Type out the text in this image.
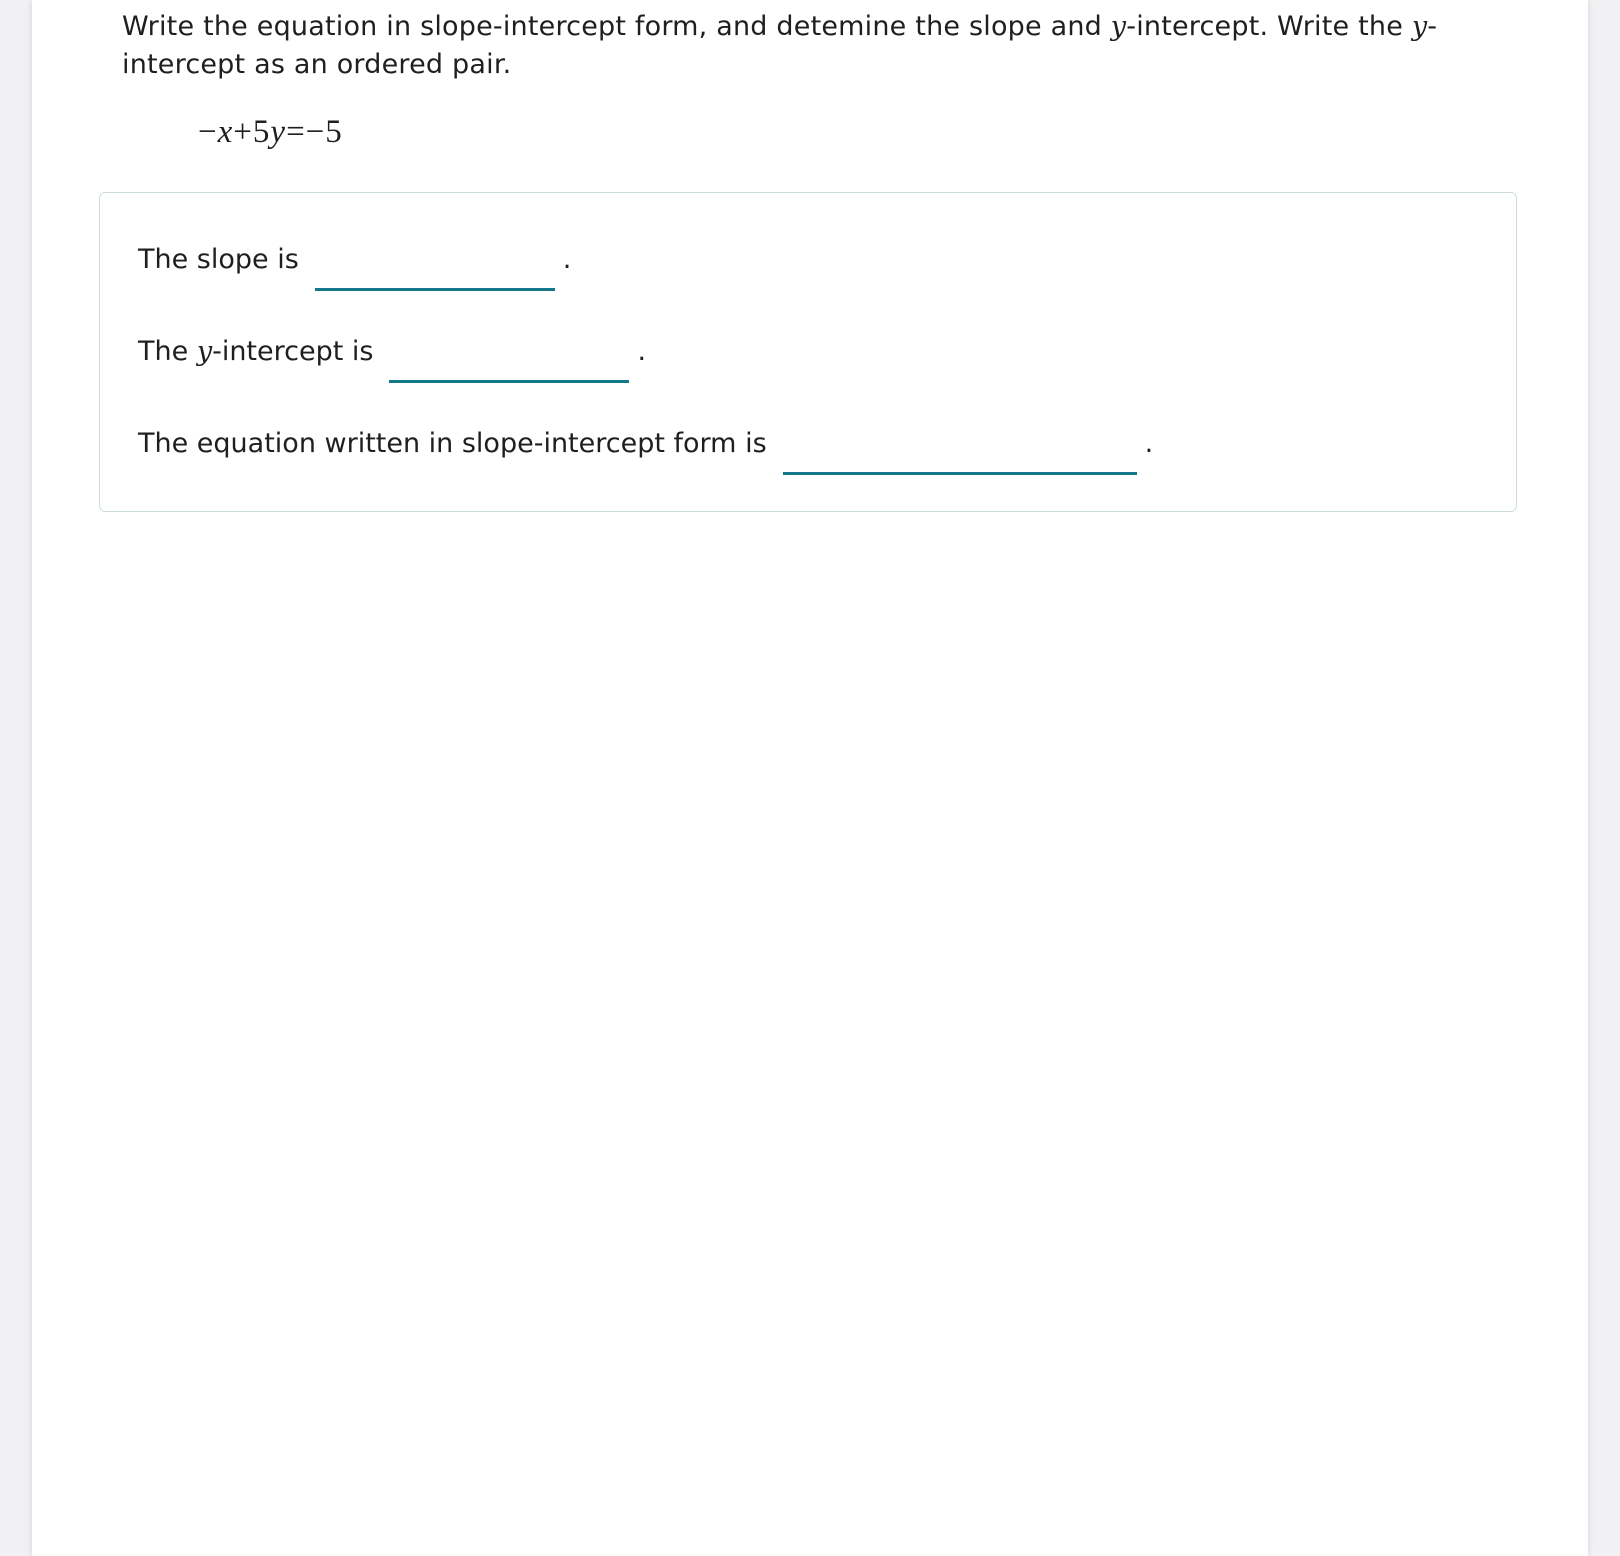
Write the equation in slope-intercept form, and detemine the slope and y-intercept. Write the y-intercept as an ordered pair.
−x+5y=−5
The slope is	.
The y-intercept is	.
The equation written in slope-intercept form is	.
